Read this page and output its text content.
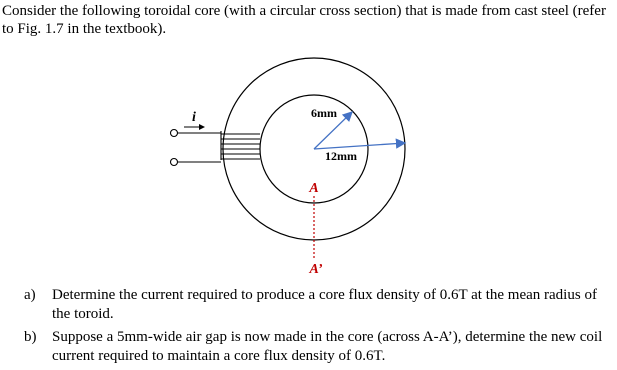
Consider the following toroidal core (with a circular cross section) that is made from cast steel (refer to Fig. 1.7 in the textbook).

i	6mm
12mm
A
A’
a) Determine the current required to produce a core flux density of 0.6T at the mean radius of the toroid.
b) Suppose a 5mm-wide air gap is now made in the core (across A-A’), determine the new coil current required to maintain a core flux density of 0.6T.
